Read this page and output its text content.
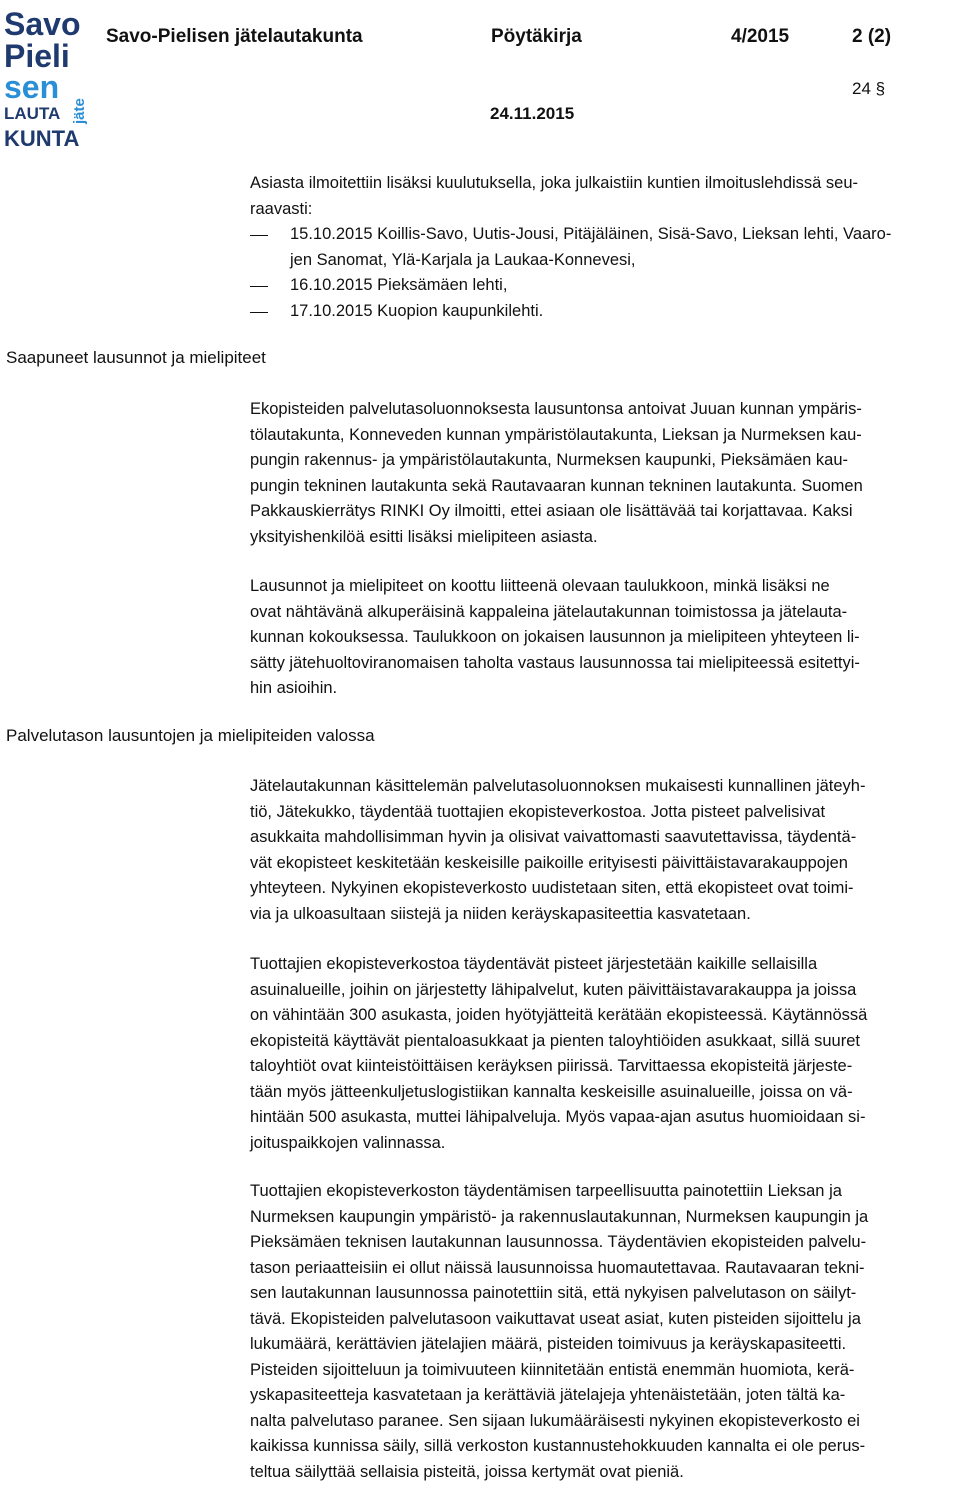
Savo
Pieli
sen
LAUTA jäte
KUNTA
Savo-Pielisen jätelautakunta	Pöytäkirja	4/2015	2 (2)
24 §
24.11.2015
Saapuneet lausunnot ja mielipiteet
Palvelutason lausuntojen ja mielipiteiden valossa

Asiasta ilmoitettiin lisäksi kuulutuksella, joka julkaistiin kuntien ilmoituslehdissä seu-
raavasti:

15.10.2015 Koillis-Savo, Uutis-Jousi, Pitäjäläinen, Sisä-Savo, Lieksan lehti, Vaaro-
jen Sanomat, Ylä-Karjala ja Laukaa-Konnevesi,
16.10.2015 Pieksämäen lehti,
17.10.2015 Kuopion kaupunkilehti.

Ekopisteiden palvelutasoluonnoksesta lausuntonsa antoivat Juuan kunnan ympäris-
tölautakunta, Konneveden kunnan ympäristölautakunta, Lieksan ja Nurmeksen kau-
pungin rakennus- ja ympäristölautakunta, Nurmeksen kaupunki, Pieksämäen kau-
pungin tekninen lautakunta sekä Rautavaaran kunnan tekninen lautakunta. Suomen
Pakkauskierrätys RINKI Oy ilmoitti, ettei asiaan ole lisättävää tai korjattavaa. Kaksi
yksityishenkilöä esitti lisäksi mielipiteen asiasta.

Lausunnot ja mielipiteet on koottu liitteenä olevaan taulukkoon, minkä lisäksi ne
ovat nähtävänä alkuperäisinä kappaleina jätelautakunnan toimistossa ja jätelauta-
kunnan kokouksessa. Taulukkoon on jokaisen lausunnon ja mielipiteen yhteyteen li-
sätty jätehuoltoviranomaisen taholta vastaus lausunnossa tai mielipiteessä esitettyi-
hin asioihin.

Jätelautakunnan käsittelemän palvelutasoluonnoksen mukaisesti kunnallinen jäteyh-
tiö, Jätekukko, täydentää tuottajien ekopisteverkostoa. Jotta pisteet palvelisivat
asukkaita mahdollisimman hyvin ja olisivat vaivattomasti saavutettavissa, täydentä-
vät ekopisteet keskitetään keskeisille paikoille erityisesti päivittäistavarakauppojen
yhteyteen. Nykyinen ekopisteverkosto uudistetaan siten, että ekopisteet ovat toimi-
via ja ulkoasultaan siistejä ja niiden keräyskapasiteettia kasvatetaan.

Tuottajien ekopisteverkostoa täydentävät pisteet järjestetään kaikille sellaisilla
asuinalueille, joihin on järjestetty lähipalvelut, kuten päivittäistavarakauppa ja joissa
on vähintään 300 asukasta, joiden hyötyjätteitä kerätään ekopisteessä. Käytännössä
ekopisteitä käyttävät pientaloasukkaat ja pienten taloyhtiöiden asukkaat, sillä suuret
taloyhtiöt ovat kiinteistöittäisen keräyksen piirissä. Tarvittaessa ekopisteitä järjeste-
tään myös jätteenkuljetuslogistiikan kannalta keskeisille asuinalueille, joissa on vä-
hintään 500 asukasta, muttei lähipalveluja. Myös vapaa-ajan asutus huomioidaan si-
joituspaikkojen valinnassa.

Tuottajien ekopisteverkoston täydentämisen tarpeellisuutta painotettiin Lieksan ja
Nurmeksen kaupungin ympäristö- ja rakennuslautakunnan, Nurmeksen kaupungin ja
Pieksämäen teknisen lautakunnan lausunnossa. Täydentävien ekopisteiden palvelu-
tason periaatteisiin ei ollut näissä lausunnoissa huomautettavaa. Rautavaaran tekni-
sen lautakunnan lausunnossa painotettiin sitä, että nykyisen palvelutason on säilyt-
tävä. Ekopisteiden palvelutasoon vaikuttavat useat asiat, kuten pisteiden sijoittelu ja
lukumäärä, kerättävien jätelajien määrä, pisteiden toimivuus ja keräyskapasiteetti.
Pisteiden sijoitteluun ja toimivuuteen kiinnitetään entistä enemmän huomiota, kerä-
yskapasiteetteja kasvatetaan ja kerättäviä jätelajeja yhtenäistetään, joten tältä ka-
nalta palvelutaso paranee. Sen sijaan lukumääräisesti nykyinen ekopisteverkosto ei
kaikissa kunnissa säily, sillä verkoston kustannustehokkuuden kannalta ei ole perus-
teltua säilyttää sellaisia pisteitä, joissa kertymät ovat pieniä.
